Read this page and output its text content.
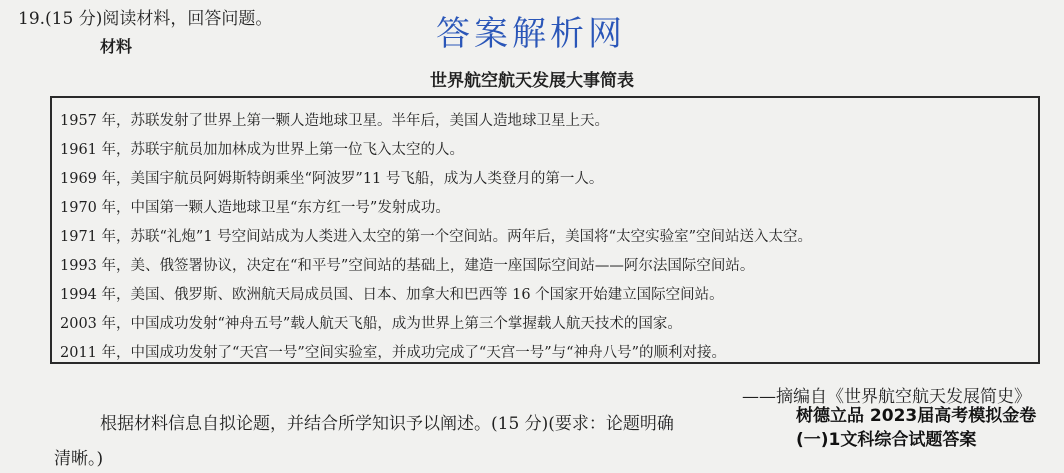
19.(15 分)阅读材料，回答问题。
材料	答案解析网
世界航空航天发展大事简表
1957 年，苏联发射了世界上第一颗人造地球卫星。半年后，美国人造地球卫星上天。
1961 年，苏联宇航员加加林成为世界上第一位飞入太空的人。
1969 年，美国宇航员阿姆斯特朗乘坐“阿波罗”11 号飞船，成为人类登月的第一人。
1970 年，中国第一颗人造地球卫星“东方红一号”发射成功。
1971 年，苏联“礼炮”1 号空间站成为人类进入太空的第一个空间站。两年后，美国将“太空实验室”空间站送入太空。
1993 年，美、俄签署协议，决定在“和平号”空间站的基础上，建造一座国际空间站——阿尔法国际空间站。
1994 年，美国、俄罗斯、欧洲航天局成员国、日本、加拿大和巴西等 16 个国家开始建立国际空间站。
2003 年，中国成功发射“神舟五号”载人航天飞船，成为世界上第三个掌握载人航天技术的国家。
2011 年，中国成功发射了“天宫一号”空间实验室，并成功完成了“天宫一号”与“神舟八号”的顺利对接。
——摘编自《世界航空航天发展简史》
根据材料信息自拟论题，并结合所学知识予以阐述。(15 分)(要求：论题明确
清晰。)
树德立品 2023届高考模拟金卷(一)1文科综合试题答案
